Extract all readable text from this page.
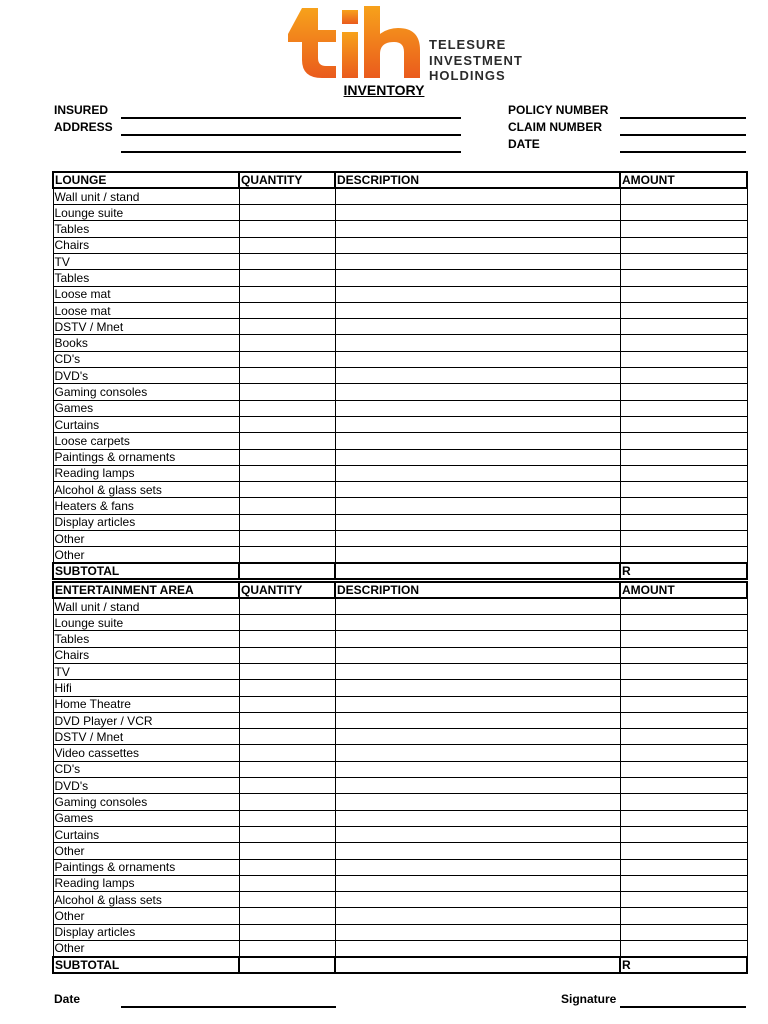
TELESURE
INVESTMENT
HOLDINGS
INVENTORY
INSURED
ADDRESS
POLICY NUMBER
CLAIM NUMBER
DATE
LOUNGE	QUANTITY	DESCRIPTION	AMOUNT
Wall unit / stand			
Lounge suite			
Tables			
Chairs			
TV			
Tables			
Loose mat			
Loose mat			
DSTV / Mnet			
Books			
CD's			
DVD's			
Gaming consoles			
Games			
Curtains			
Loose carpets			
Paintings & ornaments			
Reading lamps			
Alcohol & glass sets			
Heaters & fans			
Display articles			
Other			
Other			
SUBTOTAL			R
ENTERTAINMENT AREA	QUANTITY	DESCRIPTION	AMOUNT
Wall unit / stand			
Lounge suite			
Tables			
Chairs			
TV			
Hifi			
Home Theatre			
DVD Player / VCR			
DSTV / Mnet			
Video cassettes			
CD's			
DVD's			
Gaming consoles			
Games			
Curtains			
Other			
Paintings & ornaments			
Reading lamps			
Alcohol & glass sets			
Other			
Display articles			
Other			
SUBTOTAL			R
Date	Signature
